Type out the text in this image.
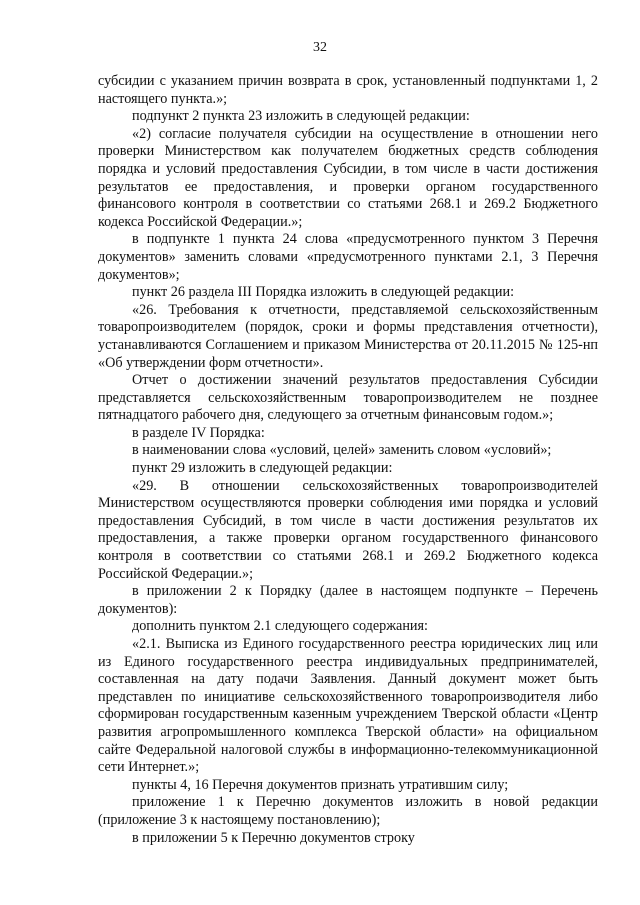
32

субсидии с указанием причин возврата в срок, установленный подпунктами 1, 2 настоящего пункта.»;

подпункт 2 пункта 23 изложить в следующей редакции:

«2) согласие получателя субсидии на осуществление в отношении него проверки Министерством как получателем бюджетных средств соблюдения порядка и условий предоставления Субсидии, в том числе в части достижения результатов ее предоставления, и проверки органом государственного финансового контроля в соответствии со статьями 268.1 и 269.2 Бюджетного кодекса Российской Федерации.»;

в подпункте 1 пункта 24 слова «предусмотренного пунктом 3 Перечня документов» заменить словами «предусмотренного пунктами 2.1, 3 Перечня документов»;

пункт 26 раздела III Порядка изложить в следующей редакции:

«26. Требования к отчетности, представляемой сельскохозяйственным товаропроизводителем (порядок, сроки и формы представления отчетности), устанавливаются Соглашением и приказом Министерства от 20.11.2015 № 125-нп «Об утверждении форм отчетности».

Отчет о достижении значений результатов предоставления Субсидии представляется сельскохозяйственным товаропроизводителем не позднее пятнадцатого рабочего дня, следующего за отчетным финансовым годом.»;

в разделе IV Порядка:

в наименовании слова «условий, целей» заменить словом «условий»;

пункт 29 изложить в следующей редакции:

«29. В отношении сельскохозяйственных товаропроизводителей Министерством осуществляются проверки соблюдения ими порядка и условий предоставления Субсидий, в том числе в части достижения результатов их предоставления, а также проверки органом государственного финансового контроля в соответствии со статьями 268.1 и 269.2 Бюджетного кодекса Российской Федерации.»;

в приложении 2 к Порядку (далее в настоящем подпункте – Перечень документов):

дополнить пунктом 2.1 следующего содержания:

«2.1. Выписка из Единого государственного реестра юридических лиц или из Единого государственного реестра индивидуальных предпринимателей, составленная на дату подачи Заявления. Данный документ может быть представлен по инициативе сельскохозяйственного товаропроизводителя либо сформирован государственным казенным учреждением Тверской области «Центр развития агропромышленного комплекса Тверской области» на официальном сайте Федеральной налоговой службы в информационно-телекоммуникационной сети Интернет.»;

пункты 4, 16 Перечня документов признать утратившим силу;

приложение 1 к Перечню документов изложить в новой редакции (приложение 3 к настоящему постановлению);

в приложении 5 к Перечню документов строку
